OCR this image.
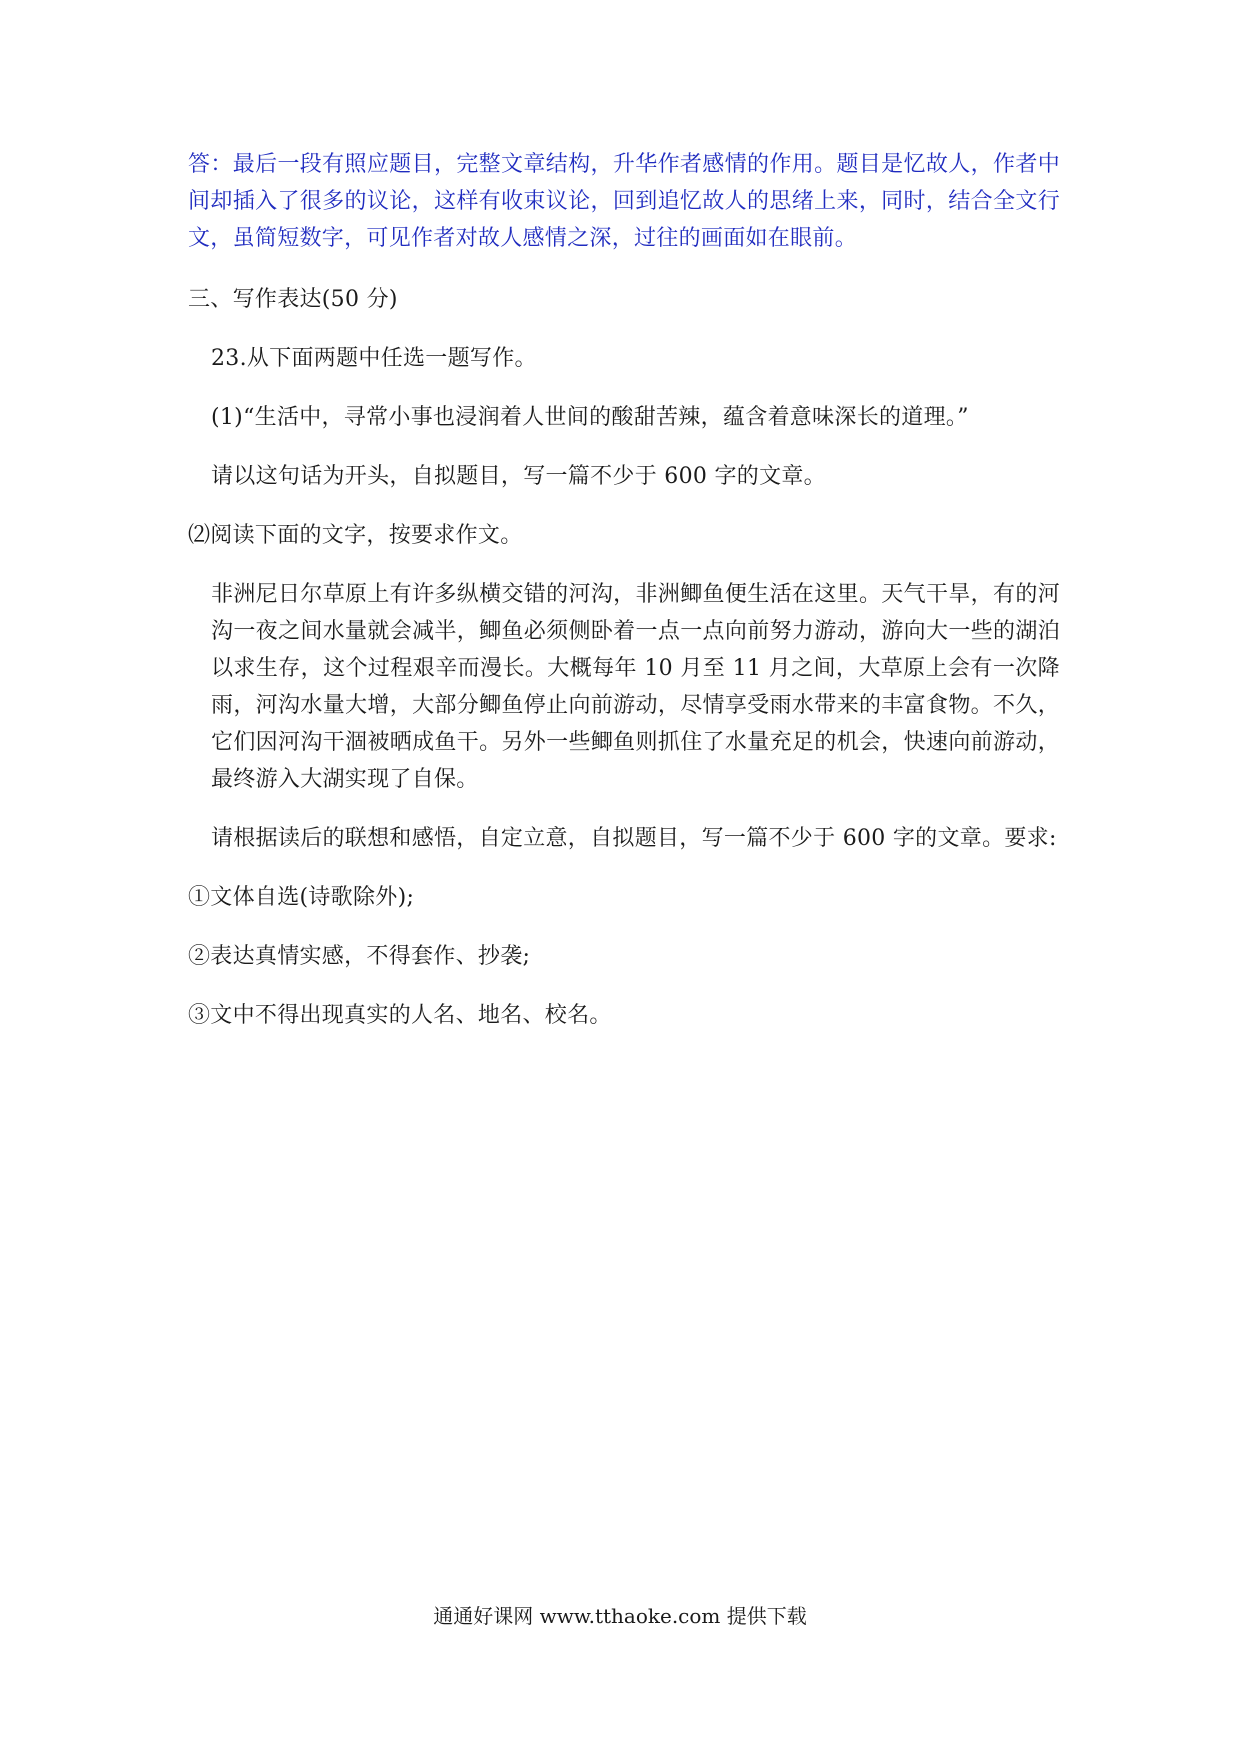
答：最后一段有照应题目，完整文章结构，升华作者感情的作用。题目是忆故人，作者中间却插入了很多的议论，这样有收束议论，回到追忆故人的思绪上来，同时，结合全文行文，虽简短数字，可见作者对故人感情之深，过往的画面如在眼前。

三、写作表达(50 分)

23.从下面两题中任选一题写作。

(1)“生活中，寻常小事也浸润着人世间的酸甜苦辣，蕴含着意味深长的道理。”

请以这句话为开头，自拟题目，写一篇不少于 600 字的文章。

⑵阅读下面的文字，按要求作文。

非洲尼日尔草原上有许多纵横交错的河沟，非洲鲫鱼便生活在这里。天气干旱，有的河沟一夜之间水量就会减半，鲫鱼必须侧卧着一点一点向前努力游动，游向大一些的湖泊以求生存，这个过程艰辛而漫长。大概每年 10 月至 11 月之间，大草原上会有一次降雨，河沟水量大增，大部分鲫鱼停止向前游动，尽情享受雨水带来的丰富食物。不久，它们因河沟干涸被晒成鱼干。另外一些鲫鱼则抓住了水量充足的机会，快速向前游动，最终游入大湖实现了自保。

请根据读后的联想和感悟，自定立意，自拟题目，写一篇不少于 600 字的文章。要求:

①文体自选(诗歌除外);

②表达真情实感，不得套作、抄袭;

③文中不得出现真实的人名、地名、校名。

通通好课网 www.tthaoke.com 提供下载
